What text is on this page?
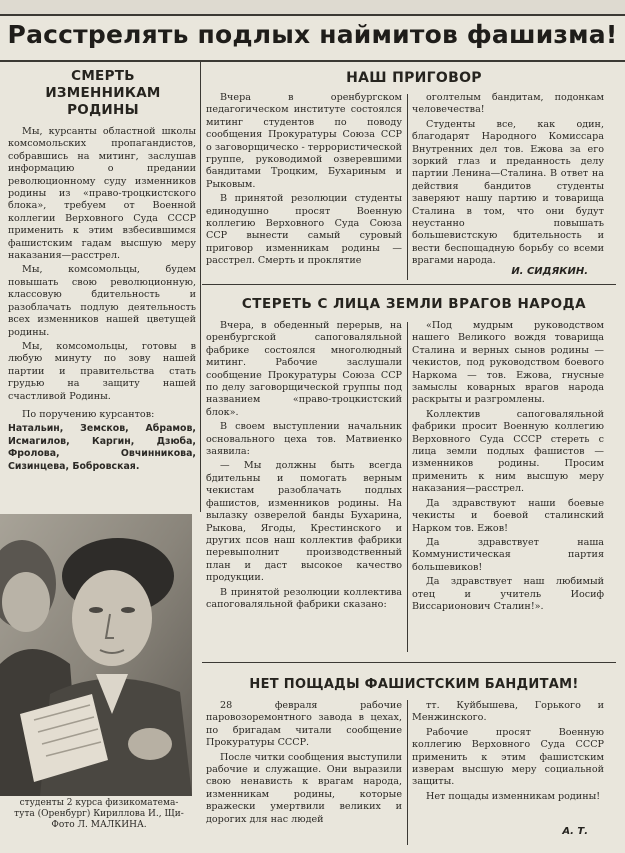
Расстрелять подлых наймитов фашизма!
СМЕРТЬ
ИЗМЕННИКАМ
РОДИНЫ

Мы, курсанты областной школы комсомольских пропагандистов, собравшись на митинг, заслушав информацию о предании революционному суду изменников родины из «право-троцкистского блока», требуем от Военной коллегии Верховного Суда СССР применить к этим взбесившимся фашистским гадам высшую меру наказания—расстрел.

Мы, комсомольцы, будем повышать свою революционную, классовую бдительность и разоблачать подлую деятельность всех изменников нашей цветущей родины.

Мы, комсомольцы, готовы в любую минуту по зову нашей партии и правительства стать грудью на защиту нашей счастливой Родины.

По поручению курсантов:

Натальин, Земсков, Абрамов, Исмагилов, Каргин, Дзюба, Фролова, Овчинникова, Сизинцева, Бобровская.
НАШ ПРИГОВОР

Вчера в оренбургском педагогическом институте состоялся митинг студентов по поводу сообщения Прокуратуры Союза ССР о заговорщическо - террористической группе, руководимой озверевшими бандитами Троцким, Бухариным и Рыковым.

В принятой резолюции студенты единодушно просят Военную коллегию Верховного Суда Союза ССР вынести самый суровый приговор изменникам родины — расстрел. Смерть и проклятие

оголтелым бандитам, подонкам человечества!

Студенты все, как один, благодарят Народного Комиссара Внутренних дел тов. Ежова за его зоркий глаз и преданность делу партии Ленина—Сталина. В ответ на действия бандитов студенты заверяют нашу партию и товарища Сталина в том, что они будут неустанно повышать большевистскую бдительность и вести беспощадную борьбу со всеми врагами народа.

И. СИДЯКИН.
СТЕРЕТЬ С ЛИЦА ЗЕМЛИ ВРАГОВ НАРОДА

Вчера, в обеденный перерыв, на оренбургской сапоговаляльной фабрике состоялся многолюдный митинг. Рабочие заслушали сообщение Прокуратуры Союза ССР по делу заговорщической группы под названием «право-троцкистский блок».

В своем выступлении начальник основального цеха тов. Матвиенко заявила:

— Мы должны быть всегда бдительны и помогать верным чекистам разоблачать подлых фашистов, изменников родины. На вылазку озверелой банды Бухарина, Рыкова, Ягоды, Крестинского и других псов наш коллектив фабрики перевыполнит производственный план и даст высокое качество продукции.

В принятой резолюции коллектива сапоговаляльной фабрики сказано:

«Под мудрым руководством нашего Великого вождя товарища Сталина и верных сынов родины —чекистов, под руководством боевого Наркома — тов. Ежова, гнусные замыслы коварных врагов народа раскрыты и разгромлены.

Коллектив сапоговаляльной фабрики просит Военную коллегию Верховного Суда СССР стереть с лица земли подлых фашистов — изменников родины. Просим применить к ним высшую меру наказания—расстрел.

Да здравствуют наши боевые чекисты и боевой сталинский Нарком тов. Ежов!

Да здравствует наша Коммунистическая партия большевиков!

Да здравствует наш любимый отец и учитель Иосиф Виссарионович Сталин!».

НЕТ ПОЩАДЫ ФАШИСТСКИМ БАНДИТАМ!

28 февраля рабочие паровозоремонтного завода в цехах, по бригадам читали сообщение Прокуратуры СССР.

После читки сообщения выступили рабочие и служащие. Они выразили свою ненависть к врагам народа, изменникам родины, которые вражески умертвили великих и дорогих для нас людей

тт. Куйбышева, Горького и Менжинского.

Рабочие просят Военную коллегию Верховного Суда СССР применить к этим фашистским изверам высшую меру социальной защиты.

Нет пощады изменникам родины!

А. Т.
студенты 2 курса физикоматема-
тута (Оренбург) Кириллова И., Щи-
Фото Л. МАЛКИНА.
